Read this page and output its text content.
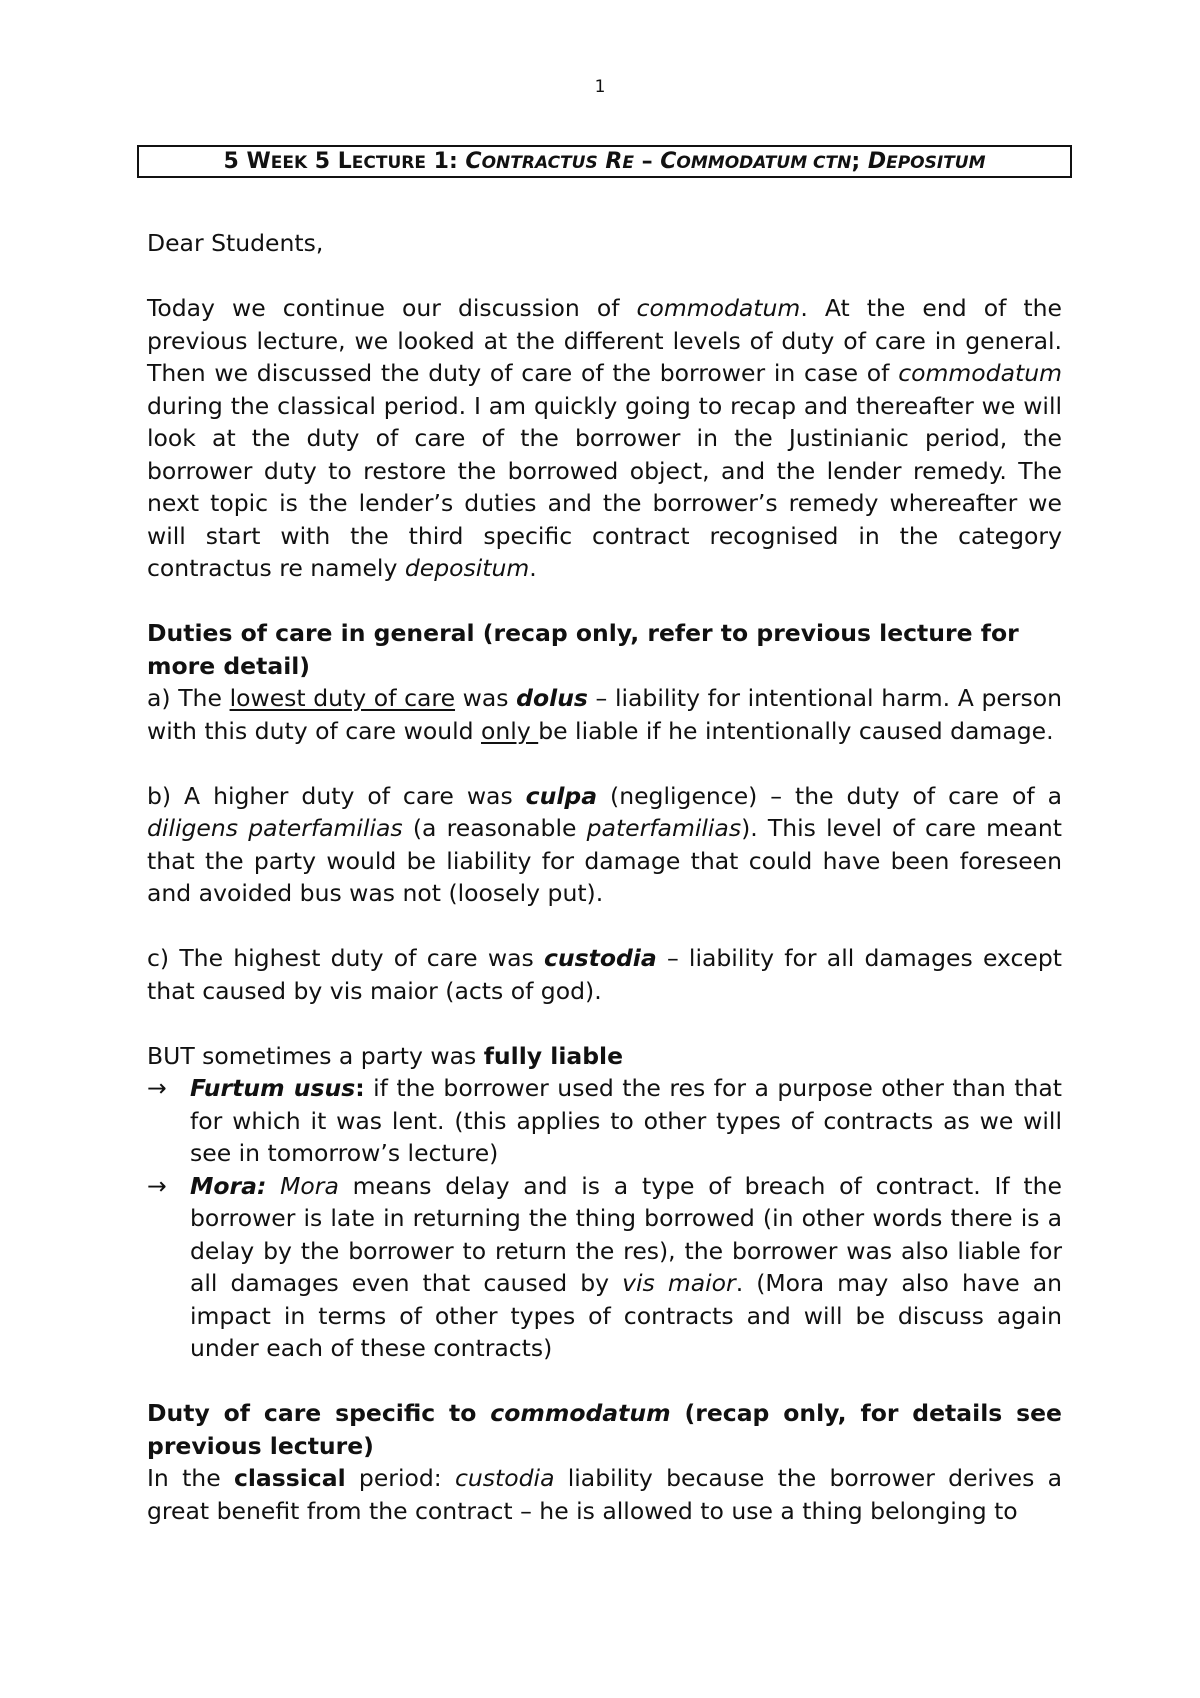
1
5 WEEK 5 LECTURE 1: CONTRACTUS RE – COMMODATUM CTN; DEPOSITUM

Dear Students,

Today we continue our discussion of commodatum. At the end of the previous lecture, we looked at the different levels of duty of care in general. Then we discussed the duty of care of the borrower in case of commodatum during the classical period. I am quickly going to recap and thereafter we will look at the duty of care of the borrower in the Justinianic period, the borrower duty to restore the borrowed object, and the lender remedy. The next topic is the lender’s duties and the borrower’s remedy whereafter we will start with the third specific contract recognised in the category contractus re namely depositum.

Duties of care in general (recap only, refer to previous lecture for more detail)

a) The lowest duty of care was dolus – liability for intentional harm. A person with this duty of care would only be liable if he intentionally caused damage.

b) A higher duty of care was culpa (negligence) – the duty of care of a diligens paterfamilias (a reasonable paterfamilias). This level of care meant that the party would be liability for damage that could have been foreseen and avoided bus was not (loosely put).

c) The highest duty of care was custodia – liability for all damages except that caused by vis maior (acts of god).

BUT sometimes a party was fully liable

→ Furtum usus: if the borrower used the res for a purpose other than that for which it was lent. (this applies to other types of contracts as we will see in tomorrow’s lecture)
→ Mora: Mora means delay and is a type of breach of contract. If the borrower is late in returning the thing borrowed (in other words there is a delay by the borrower to return the res), the borrower was also liable for all damages even that caused by vis maior. (Mora may also have an impact in terms of other types of contracts and will be discuss again under each of these contracts)

Duty of care specific to commodatum (recap only, for details see previous lecture)

In the classical period: custodia liability because the borrower derives a great benefit from the contract – he is allowed to use a thing belonging to
